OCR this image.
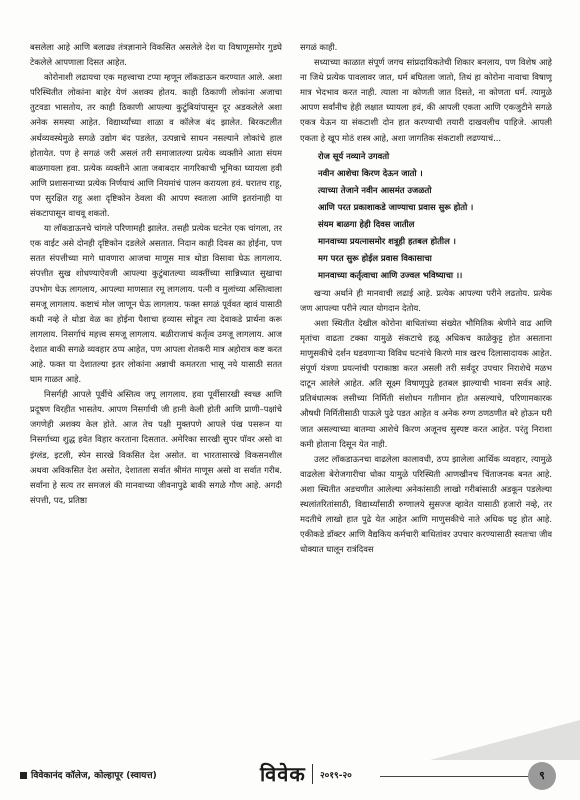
बसलेला आहे आणि बलाढ्य तंत्रज्ञानाने विकसित असलेले देश या विषाणूसमोर गुडघे टेकलेले आपणाला दिसत आहेत.

कोरोनाशी लढायचा एक महत्त्वाचा टप्पा म्हणून लॉकडाऊन करण्यात आले. अशा परिस्थितीत लोकांना बाहेर येणं अशक्य होतय. काही ठिकाणी लोकांना अजाचा तुटवडा भासतोय, तर काही ठिकाणी आपल्या कुटुंबियांपासून दूर अडकलेले अशा अनेक समस्या आहेत. विद्यार्थ्यांच्या शाळा व कॉलेज बंद झालेत. बिरकटलीत अर्थव्यवस्थेमुळे सगळे उद्योग बंद पडलेत, उत्पन्नाचे साधन नसल्याने लोकांचे हाल होतायेत. पण हे सगळं जरी असलं तरी समाजातल्या प्रत्येक व्यक्तीने आता संयम बाळगायला हवा. प्रत्येक व्यक्तीने आता जबाबदार नागरिकाची भूमिका घ्यायला हवी आणि प्रशासनाच्या प्रत्येक निर्णयाचं आणि नियमांचं पालन करायला हवं. घरातच राहू, पण सुरक्षित राहू अशा दृष्टिकोन ठेवला की आपण स्वतःला आणि इतरांनाही या संकटापासून वाचवू शकतो.

या लॉकडाऊनचे चांगले परिणामही झालेत. तसही प्रत्येक घटनेत एक चांगला, तर एक वाईट असे दोनही दृष्टिकोन दडलेले असतात. निदान काही दिवस का होईना, पण सतत संपत्तीच्या मागे धावणारा आजचा माणूस मात्र थोडा विसावा घेऊ लागलाय. संपत्तीत सुख शोधण्याऐवजी आपल्या कुटुंबातल्या व्यक्तींच्या सान्निध्यात सुखाचा उपभोग घेऊ लागलाय, आपल्या माणसात रमू लागलाय. पत्नी व मुलांच्या अस्तित्वाला समजू लागलाय. कष्टाचं मोल जाणून घेऊ लागलाय. फक्त सगळं पूर्ववत व्हावं यासाठी कधी नव्हे ते थोडा वेळ का होईना पैशाचा हव्यास सोडून त्या देवाकडे प्रार्थना करू लागलाय. निसर्गाचं महत्त्व समजू लागलाय. बळीराजाचं कर्तृत्व उमजू लागलाय. आज देशात बाकी सगळे व्यवहार ठप्प आहेत, पण आपला शेतकरी मात्र अहोरात्र कष्ट करत आहे. फक्त या देशातल्या इतर लोकांना अन्नाची कमतरता भासू नये यासाठी सतत घाम गाळत आहे.

निसर्गही आपले पूर्वीचे अस्तित्व जपू लागलाय. हवा पूर्वीसारखी स्वच्छ आणि प्रदूषण विरहीत भासतेय. आपण निसर्गाची जी हानी केली होती आणि प्राणी–पक्षांचे जगणेही अशक्य केल होते. आज तेच पक्षी मुक्तपणे आपले पंख पसरून या निसर्गाच्या शुद्ध हवेत विहार करताना दिसतात. अमेरिका सारखी सुपर पॉवर असो वा इंग्लंड, इटली, स्पेन सारखे विकसित देश असोत. वा भारतासारखे विकसनशील अथवा अविकसित देश असोत, देशातला सर्वात श्रीमंत माणूस असो वा सर्वात गरीब. सर्वांना हे सत्य तर समजलं की मानवाच्या जीवनापुढे बाकी सगळे गौण आहे. अगदी संपत्ती, पद, प्रतिष्ठा

सगळं काही.

सध्याच्या काळात संपूर्ण जगच सांप्रदायिकतेची शिकार बनलाय, पण विशेष आहे ना जिथे प्रत्येक पावलावर जात, धर्म बघितला जातो, तिथं हा कोरोना नावाचा विषाणू मात्र भेदभाव करत नाही. त्याला ना कोणती जात दिसते, ना कोणता धर्म. त्यामुळे आपण सर्वांनीच हेही लक्षात घ्यायला हवं, की आपली एकता आणि एकजुटीने सगळे एकत्र येऊन या संकटाशी दोन हात करण्याची तयारी दाखवलीच पाहिजे. आपली एकता हे खूप मोठं शस्त्र आहे, अशा जागतिक संकटाशी लढण्याचं...

रोज सूर्य नव्याने उगवतो
नवीन आशेचा किरण देऊन जातो ।
त्याच्या तेजाने नवीन आसमंत उजळतो
आणि परत प्रकाशाकडे जाण्याचा प्रवास सुरू होतो ।
संयम बाळगा हेही दिवस जातील
मानवाच्या प्रयत्नासमोर शत्रूही हतबल होतील ।
मग परत सुरू होईल प्रवास विकासाचा
मानवाच्या कर्तृत्वाचा आणि उज्वल भविष्याचा ।।

खऱ्या अर्थाने ही मानवाची लढाई आहे. प्रत्येक आपल्या परीने लढतोय. प्रत्येक जण आपल्या परीने त्यात योगदान देतोय.

अशा स्थितीत देखील कोरोना बाधितांच्या संख्येत भौमितिक श्रेणीने वाढ आणि मृतांचा वाढता टक्का यामुळे संकटाचे हळू अधिकच काळेकुट्ट होत असताना माणुसकीचे दर्शन घडवणाऱ्या विविध घटनांचे किरणे मात्र खरच दिलासादायक आहेत. संपूर्ण यंत्रणा प्रयत्नांची पराकाष्ठा करत असली तरी सर्वदूर उपचार निराशेचे मळभ दाटून आलेले आहेत. अति सूक्ष्म विषाणूपुढे हतबल झाल्याची भावना सर्वत्र आहे. प्रतिबंधात्मक लसीच्या निर्मिती संशोधन गतीमान होत असल्याचे, परिणामकारक औषधी निर्मितीसाठी पाऊले पुढे पडत आहेत व अनेक रुग्ण ठणठणीत बरे होऊन घरी जात असल्याच्या बातम्या आशेचे किरण अजूनच सुस्पष्ट करत आहेत. परंतु निराशा कमी होताना दिसून येत नाही.

उलट लॉकडाऊनचा वाढलेला कालावधी, ठप्प झालेला आर्थिक व्यवहार, त्यामुळे वाढलेला बेरोजगारीचा धोका यामुळे परिस्थिती आणखीनच चिंताजनक बनत आहे. अशा स्थितीत अडचणीत आलेल्या अनेकांसाठी लाखो गरीबांसाठी अडकून पडलेल्या स्थलांतरितांसाठी, विद्यार्थ्यांसाठी रुग्णालये सुसज्ज व्हावेत यासाठी हजारो नव्हे, तर मदतीचे लाखो हात पुढे येत आहेत आणि माणुसकीचे नाते अधिक घट्ट होत आहे. एकीकडे डॉक्टर आणि वैद्यकिय कर्मचारी बाधितांवर उपचार करण्यासाठी स्वतःचा जीव धोक्यात घालून रात्रंदिवस

विवेकानंद कॉलेज, कोल्हापूर (स्वायत्त)	विवेक २०१९-२०	९
